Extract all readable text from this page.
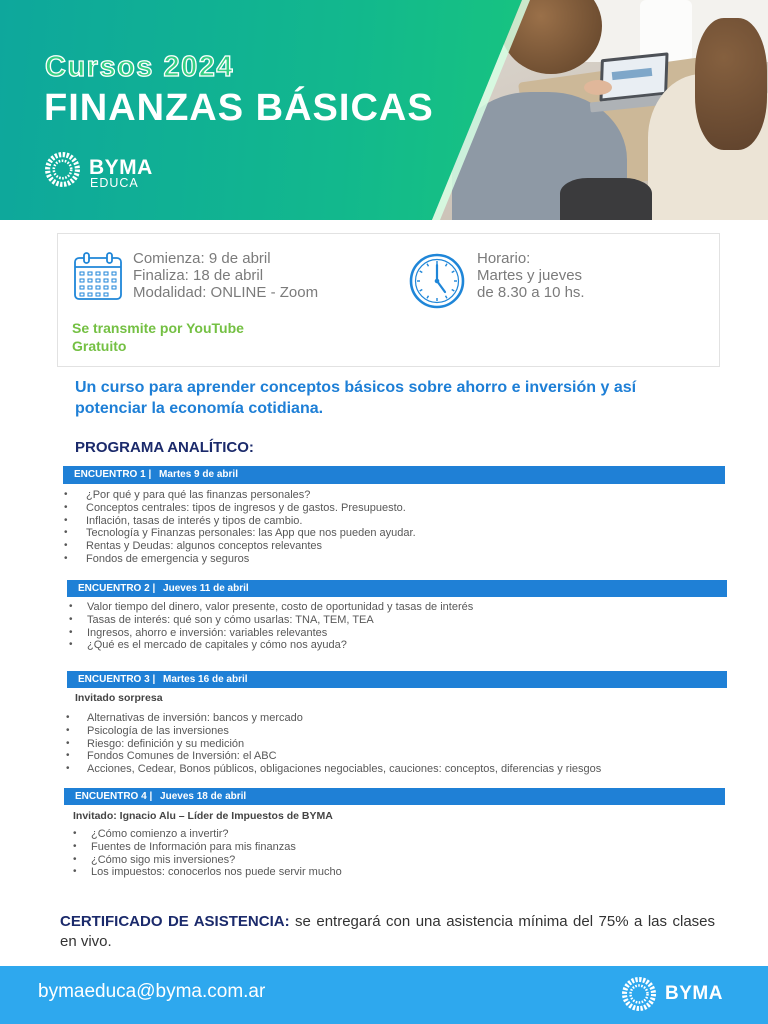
Cursos 2024
FINANZAS BÁSICAS
BYMA
EDUCA
Comienza: 9 de abril
Finaliza: 18 de abril
Modalidad: ONLINE - Zoom
Horario:
Martes y jueves
de 8.30 a 10 hs.
Se transmite por YouTube
Gratuito
Un curso para aprender conceptos básicos sobre ahorro e inversión y así
potenciar la economía cotidiana.
PROGRAMA ANALÍTICO:
ENCUENTRO 1 | Martes 9 de abril
• ¿Por qué y para qué las finanzas personales?
• Conceptos centrales: tipos de ingresos y de gastos. Presupuesto.
• Inflación, tasas de interés y tipos de cambio.
• Tecnología y Finanzas personales: las App que nos pueden ayudar.
• Rentas y Deudas: algunos conceptos relevantes
• Fondos de emergencia y seguros
ENCUENTRO 2 | Jueves 11 de abril
• Valor tiempo del dinero, valor presente, costo de oportunidad y tasas de interés
• Tasas de interés: qué son y cómo usarlas: TNA, TEM, TEA
• Ingresos, ahorro e inversión: variables relevantes
• ¿Qué es el mercado de capitales y cómo nos ayuda?
ENCUENTRO 3 | Martes 16 de abril
Invitado sorpresa
• Alternativas de inversión: bancos y mercado
• Psicología de las inversiones
• Riesgo: definición y su medición
• Fondos Comunes de Inversión: el ABC
• Acciones, Cedear, Bonos públicos, obligaciones negociables, cauciones: conceptos, diferencias y riesgos
ENCUENTRO 4 | Jueves 18 de abril
Invitado: Ignacio Alu – Líder de Impuestos de BYMA
• ¿Cómo comienzo a invertir?
• Fuentes de Información para mis finanzas
• ¿Cómo sigo mis inversiones?
• Los impuestos: conocerlos nos puede servir mucho

CERTIFICADO DE ASISTENCIA: se entregará con una asistencia mínima del 75% a las clases en vivo.

bymaeduca@byma.com.ar	BYMA
